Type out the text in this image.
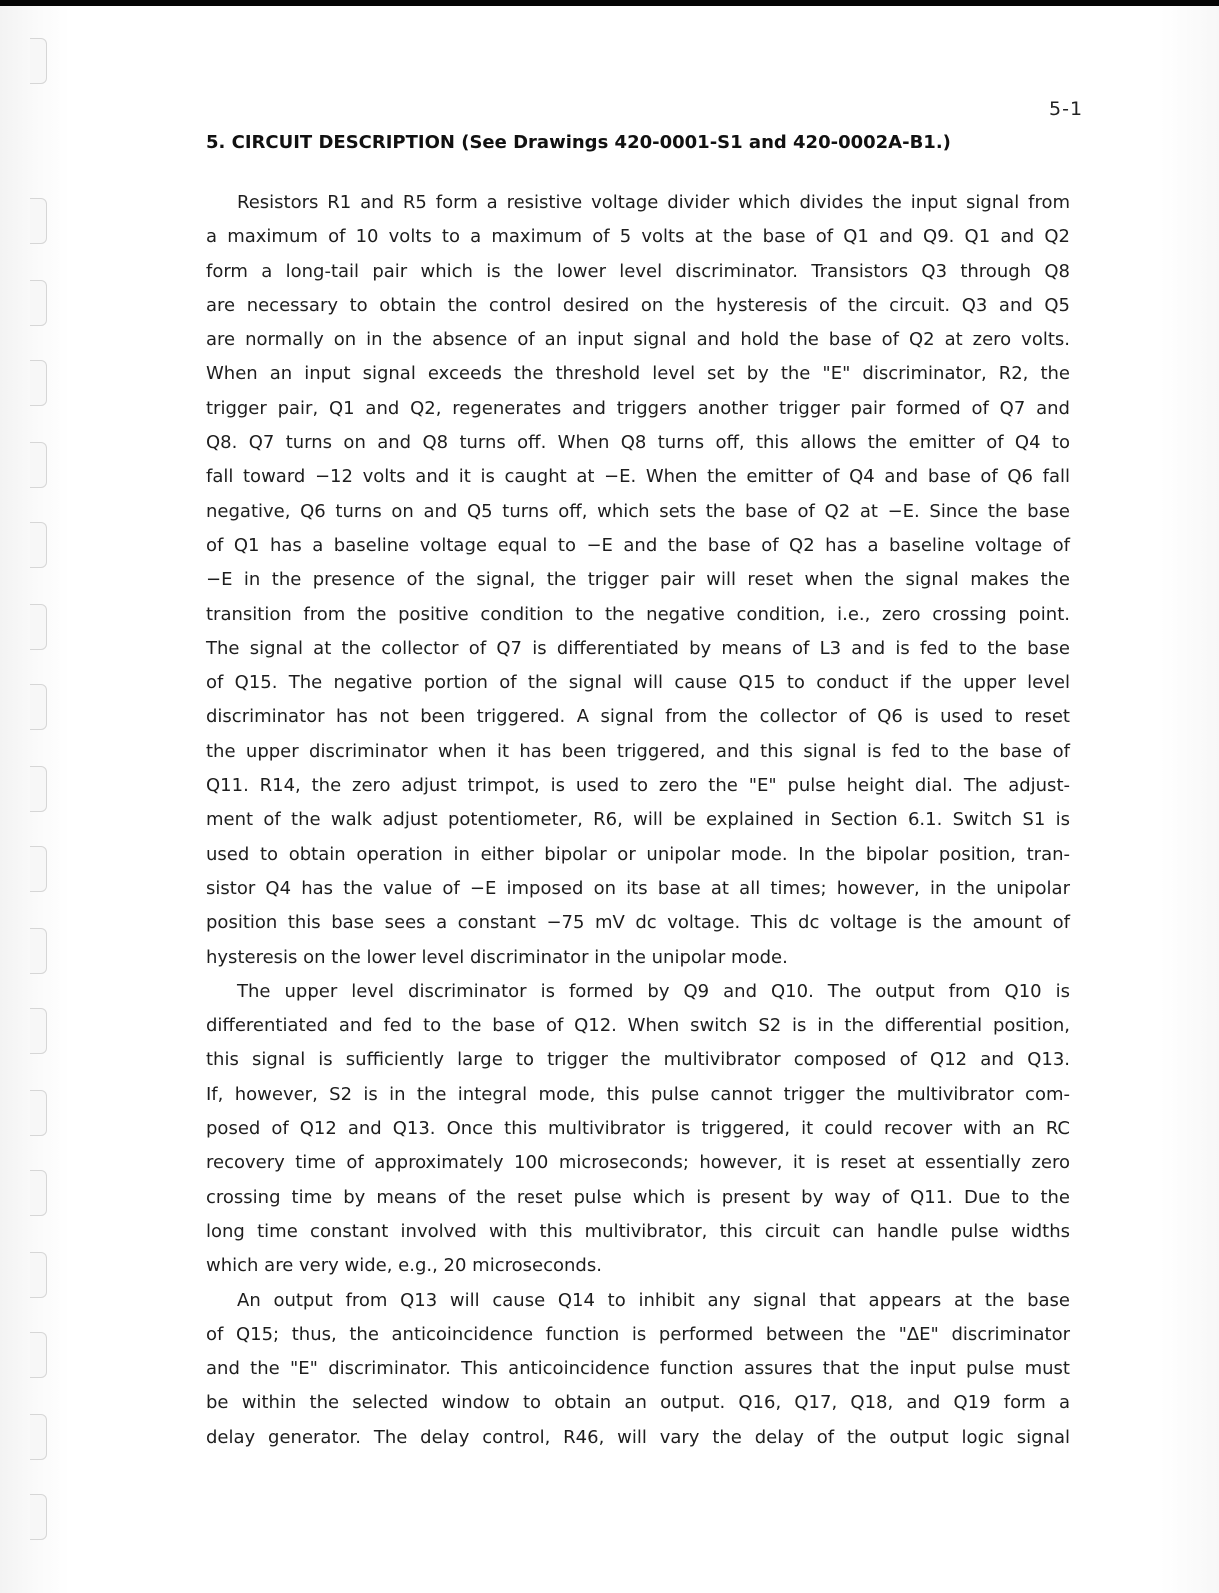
5-1
5. CIRCUIT DESCRIPTION (See Drawings 420-0001-S1 and 420-0002A-B1.)
Resistors R1 and R5 form a resistive voltage divider which divides the input signal from
a maximum of 10 volts to a maximum of 5 volts at the base of Q1 and Q9. Q1 and Q2
form a long-tail pair which is the lower level discriminator. Transistors Q3 through Q8
are necessary to obtain the control desired on the hysteresis of the circuit. Q3 and Q5
are normally on in the absence of an input signal and hold the base of Q2 at zero volts.
When an input signal exceeds the threshold level set by the "E" discriminator, R2, the
trigger pair, Q1 and Q2, regenerates and triggers another trigger pair formed of Q7 and
Q8. Q7 turns on and Q8 turns off. When Q8 turns off, this allows the emitter of Q4 to
fall toward −12 volts and it is caught at −E. When the emitter of Q4 and base of Q6 fall
negative, Q6 turns on and Q5 turns off, which sets the base of Q2 at −E. Since the base
of Q1 has a baseline voltage equal to −E and the base of Q2 has a baseline voltage of
−E in the presence of the signal, the trigger pair will reset when the signal makes the
transition from the positive condition to the negative condition, i.e., zero crossing point.
The signal at the collector of Q7 is differentiated by means of L3 and is fed to the base
of Q15. The negative portion of the signal will cause Q15 to conduct if the upper level
discriminator has not been triggered. A signal from the collector of Q6 is used to reset
the upper discriminator when it has been triggered, and this signal is fed to the base of
Q11. R14, the zero adjust trimpot, is used to zero the "E" pulse height dial. The adjust-
ment of the walk adjust potentiometer, R6, will be explained in Section 6.1. Switch S1 is
used to obtain operation in either bipolar or unipolar mode. In the bipolar position, tran-
sistor Q4 has the value of −E imposed on its base at all times; however, in the unipolar
position this base sees a constant −75 mV dc voltage. This dc voltage is the amount of
hysteresis on the lower level discriminator in the unipolar mode.
The upper level discriminator is formed by Q9 and Q10. The output from Q10 is
differentiated and fed to the base of Q12. When switch S2 is in the differential position,
this signal is sufficiently large to trigger the multivibrator composed of Q12 and Q13.
If, however, S2 is in the integral mode, this pulse cannot trigger the multivibrator com-
posed of Q12 and Q13. Once this multivibrator is triggered, it could recover with an RC
recovery time of approximately 100 microseconds; however, it is reset at essentially zero
crossing time by means of the reset pulse which is present by way of Q11. Due to the
long time constant involved with this multivibrator, this circuit can handle pulse widths
which are very wide, e.g., 20 microseconds.
An output from Q13 will cause Q14 to inhibit any signal that appears at the base
of Q15; thus, the anticoincidence function is performed between the "ΔE" discriminator
and the "E" discriminator. This anticoincidence function assures that the input pulse must
be within the selected window to obtain an output. Q16, Q17, Q18, and Q19 form a
delay generator. The delay control, R46, will vary the delay of the output logic signal
